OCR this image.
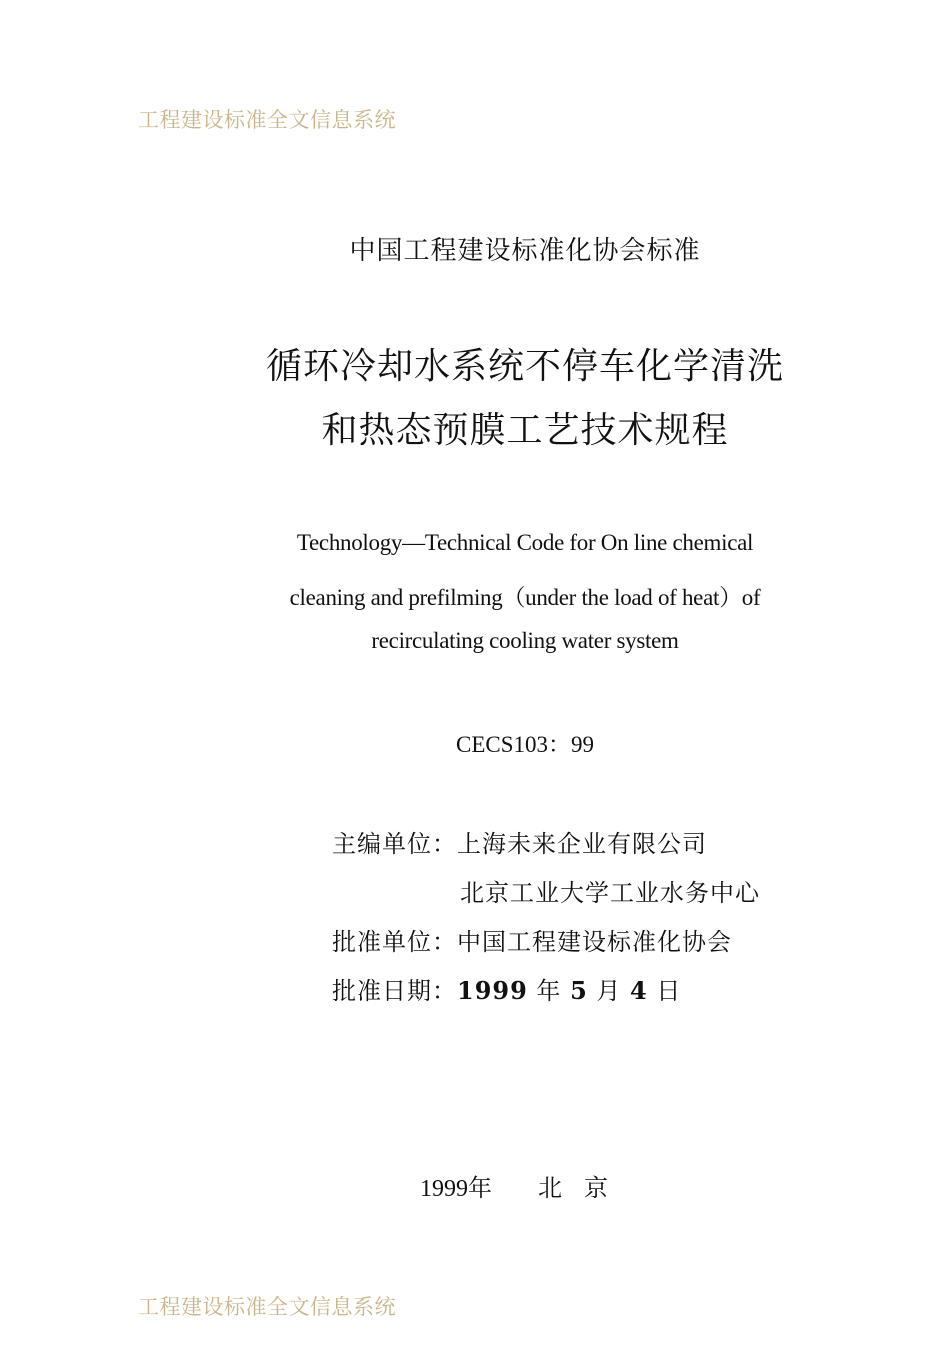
工程建设标准全文信息系统
中国工程建设标准化协会标准
循环冷却水系统不停车化学清洗
和热态预膜工艺技术规程
Technology—Technical Code for On line chemical
cleaning and prefilming（under the load of heat）of
recirculating cooling water system
CECS103：99
主编单位：上海未来企业有限公司
北京工业大学工业水务中心
批准单位：中国工程建设标准化协会
批准日期：1999 年 5 月 4 日
1999年 北京
工程建设标准全文信息系统
